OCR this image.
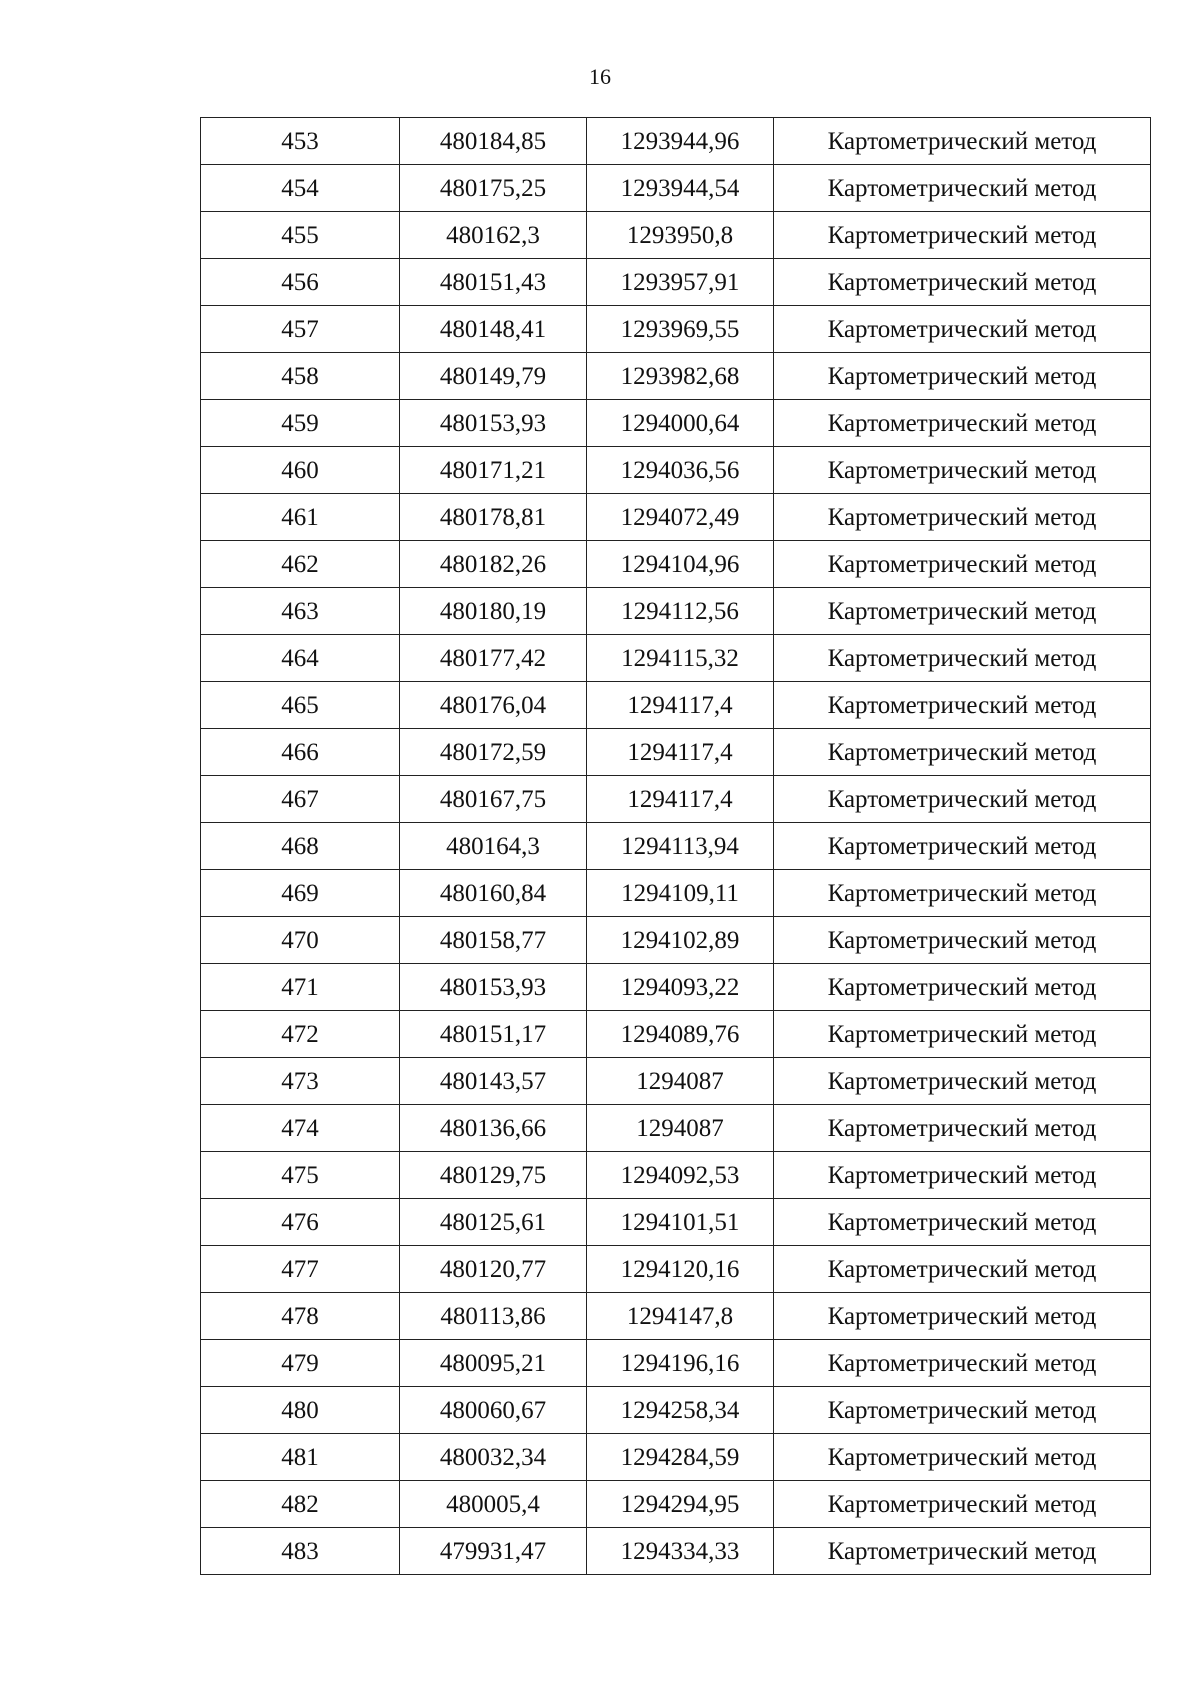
16
453	480184,85	1293944,96	Картометрический метод
454	480175,25	1293944,54	Картометрический метод
455	480162,3	1293950,8	Картометрический метод
456	480151,43	1293957,91	Картометрический метод
457	480148,41	1293969,55	Картометрический метод
458	480149,79	1293982,68	Картометрический метод
459	480153,93	1294000,64	Картометрический метод
460	480171,21	1294036,56	Картометрический метод
461	480178,81	1294072,49	Картометрический метод
462	480182,26	1294104,96	Картометрический метод
463	480180,19	1294112,56	Картометрический метод
464	480177,42	1294115,32	Картометрический метод
465	480176,04	1294117,4	Картометрический метод
466	480172,59	1294117,4	Картометрический метод
467	480167,75	1294117,4	Картометрический метод
468	480164,3	1294113,94	Картометрический метод
469	480160,84	1294109,11	Картометрический метод
470	480158,77	1294102,89	Картометрический метод
471	480153,93	1294093,22	Картометрический метод
472	480151,17	1294089,76	Картометрический метод
473	480143,57	1294087	Картометрический метод
474	480136,66	1294087	Картометрический метод
475	480129,75	1294092,53	Картометрический метод
476	480125,61	1294101,51	Картометрический метод
477	480120,77	1294120,16	Картометрический метод
478	480113,86	1294147,8	Картометрический метод
479	480095,21	1294196,16	Картометрический метод
480	480060,67	1294258,34	Картометрический метод
481	480032,34	1294284,59	Картометрический метод
482	480005,4	1294294,95	Картометрический метод
483	479931,47	1294334,33	Картометрический метод
